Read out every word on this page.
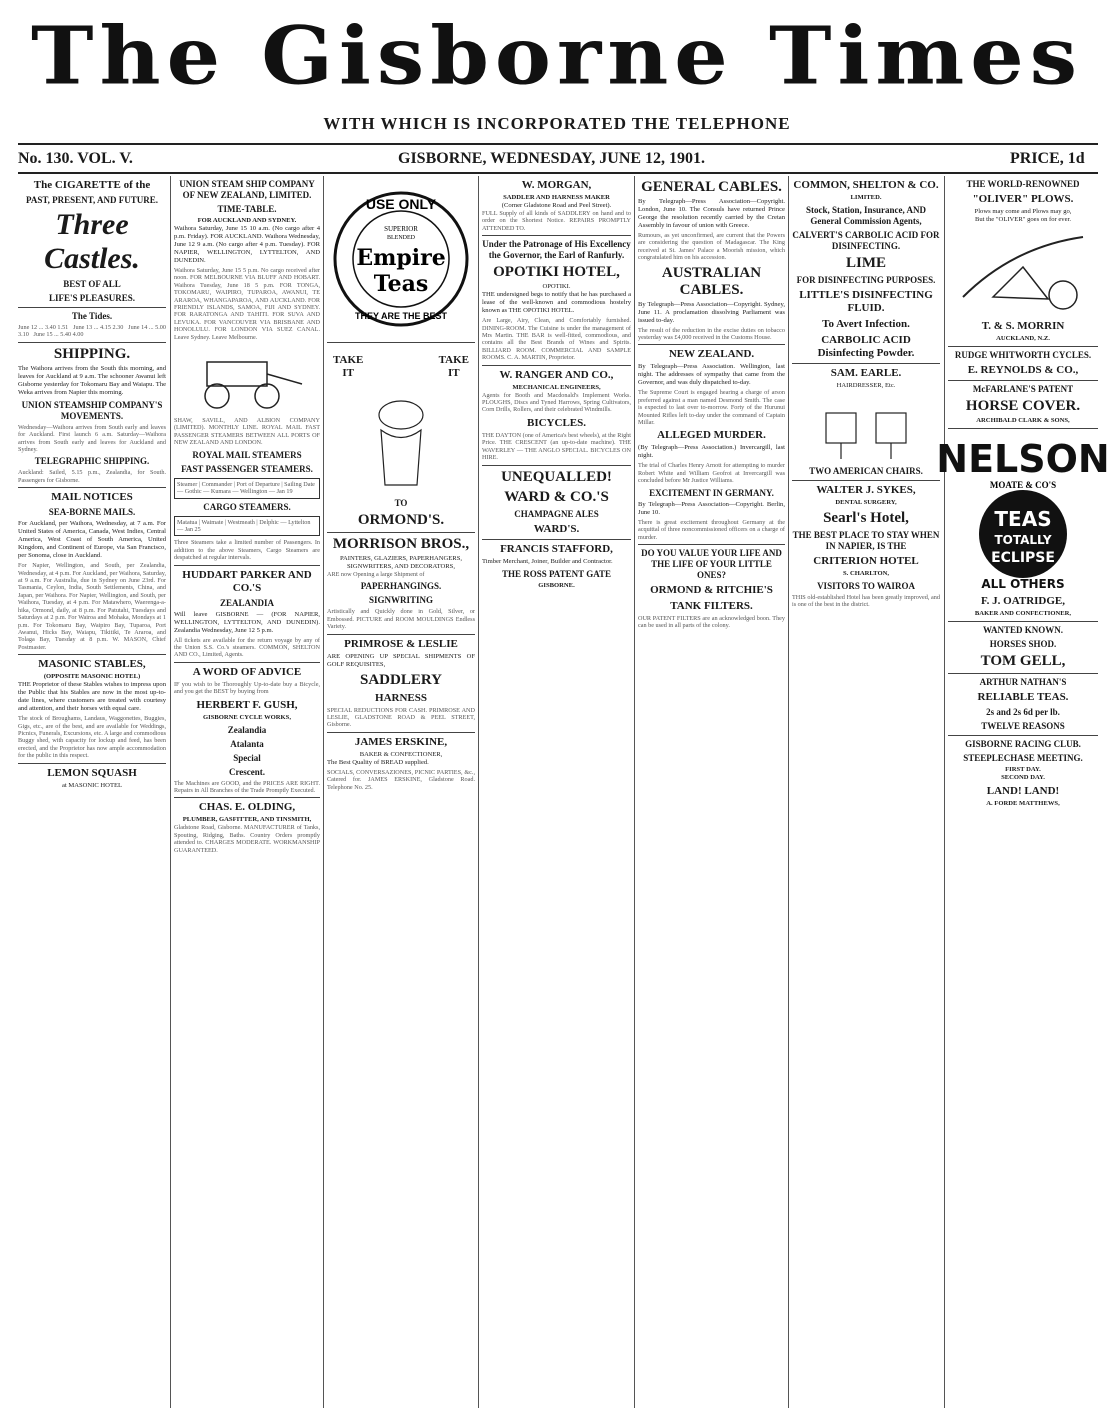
The Gisborne Times
WITH WHICH IS INCORPORATED THE TELEPHONE
No. 130. VOL. V.	GISBORNE, WEDNESDAY, JUNE 12, 1901.	PRICE, 1d
The CIGARETTE of the
PAST, PRESENT, AND FUTURE.
Three Castles.
BEST OF ALL
LIFE'S PLEASURES.
The Tides.

June 12 ... 3.40 1.51   June 13 ... 4.15 2.30   June 14 ... 5.00 3.10   June 15 ... 5.40 4.00

SHIPPING.

The Waihora arrives from the South this morning, and leaves for Auckland at 9 a.m. The schooner Awanui left Gisborne yesterday for Tokomaru Bay and Waiapu. The Weka arrives from Napier this morning.

UNION STEAMSHIP COMPANY'S MOVEMENTS.

Wednesday—Waihora arrives from South early and leaves for Auckland. First launch 6 a.m. Saturday—Waihora arrives from South early and leaves for Auckland and Sydney.

TELEGRAPHIC SHIPPING.

Auckland: Sailed, 5.15 p.m., Zealandia, for South. Passengers for Gisborne.

MAIL NOTICES
SEA-BORNE MAILS.

For Auckland, per Waihora, Wednesday, at 7 a.m. For United States of America, Canada, West Indies, Central America, West Coast of South America, United Kingdom, and Continent of Europe, via San Francisco, per Sonoma, close in Auckland.

For Napier, Wellington, and South, per Zealandia, Wednesday, at 4 p.m. For Auckland, per Waihora, Saturday, at 9 a.m. For Australia, due in Sydney on June 23rd. For Tasmania, Ceylon, India, South Settlements, China, and Japan, per Waihora. For Napier, Wellington, and South, per Waihora, Tuesday, at 4 p.m. For Matawhero, Waerenga-a-hika, Ormond, daily, at 8 p.m. For Patutahi, Tuesdays and Saturdays at 2 p.m. For Wairoa and Mohaka, Mondays at 1 p.m. For Tokomaru Bay, Waipiro Bay, Tuparoa, Port Awanui, Hicks Bay, Waiapu, Tikitiki, Te Araroa, and Tolaga Bay, Tuesday at 8 p.m. W. MASON, Chief Postmaster.

MASONIC STABLES,
(OPPOSITE MASONIC HOTEL)

THE Proprietor of these Stables wishes to impress upon the Public that his Stables are now in the most up-to-date lines, where customers are treated with courtesy and attention, and their horses with equal care.

The stock of Broughams, Landaus, Waggonettes, Buggies, Gigs, etc., are of the best, and are available for Weddings, Picnics, Funerals, Excursions, etc. A large and commodious Buggy shed, with capacity for lockup and feed, has been erected, and the Proprietor has now ample accommodation for the public in this respect.

LEMON SQUASH
at MASONIC HOTEL
UNION STEAM SHIP COMPANY OF NEW ZEALAND, LIMITED.
TIME-TABLE.
FOR AUCKLAND AND SYDNEY.

Waihora Saturday, June 15 10 a.m. (No cargo after 4 p.m. Friday). FOR AUCKLAND. Waihora Wednesday, June 12 9 a.m. (No cargo after 4 p.m. Tuesday). FOR NAPIER, WELLINGTON, LYTTELTON, AND DUNEDIN.

Waihora Saturday, June 15 5 p.m. No cargo received after noon. FOR MELBOURNE VIA BLUFF AND HOBART. Waihora Tuesday, June 18 5 p.m. FOR TONGA, TOKOMARU, WAIPIRO, TUPAROA, AWANUI, TE ARAROA, WHANGAPAROA, AND AUCKLAND. FOR FRIENDLY ISLANDS, SAMOA, FIJI AND SYDNEY. FOR RARATONGA AND TAHITI. FOR SUVA AND LEVUKA. FOR VANCOUVER VIA BRISBANE AND HONOLULU. FOR LONDON VIA SUEZ CANAL. Leave Sydney. Leave Melbourne.

SHAW, SAVILL, AND ALBION COMPANY (LIMITED). MONTHLY LINE. ROYAL MAIL FAST PASSENGER STEAMERS BETWEEN ALL PORTS OF NEW ZEALAND AND LONDON.

ROYAL MAIL STEAMERS
FAST PASSENGER STEAMERS.
Steamer | Commander | Port of Departure | Sailing Date — Gothic — Kumara — Wellington — Jan 19
CARGO STEAMERS.
Matatua | Waimate | Westmeath | Delphic — Lyttelton — Jan 25

Three Steamers take a limited number of Passengers. In addition to the above Steamers, Cargo Steamers are despatched at regular intervals.

HUDDART PARKER AND CO.'S
ZEALANDIA

Will leave GISBORNE — (FOR NAPIER, WELLINGTON, LYTTELTON, AND DUNEDIN). Zealandia Wednesday, June 12 5 p.m.

All tickets are available for the return voyage by any of the Union S.S. Co.'s steamers. COMMON, SHELTON AND CO., Limited, Agents.

A WORD OF ADVICE

IF you wish to be Thoroughly Up-to-date buy a Bicycle, and you get the BEST by buying from

HERBERT F. GUSH,
GISBORNE CYCLE WORKS,
Zealandia
Atalanta
Special
Crescent.

The Machines are GOOD, and the PRICES ARE RIGHT. Repairs in All Branches of the Trade Promptly Executed.

CHAS. E. OLDING,
PLUMBER, GASFITTER, AND TINSMITH,

Gladstone Road, Gisborne. MANUFACTURER of Tanks, Spouting, Ridging, Baths. Country Orders promptly attended to. CHARGES MODERATE. WORKMANSHIP GUARANTEED.

USE ONLY
SUPERIOR
BLENDED
Empire
Teas
THEY ARE THE BEST
TAKE
IT
TAKE
IT
TO
ORMOND'S.
MORRISON BROS.,
PAINTERS, GLAZIERS, PAPERHANGERS, SIGNWRITERS, AND DECORATORS,

ARE now Opening a large Shipment of

PAPERHANGINGS.
SIGNWRITING

Artistically and Quickly done in Gold, Silver, or Embossed. PICTURE and ROOM MOULDINGS Endless Variety.

PRIMROSE & LESLIE

ARE OPENING UP SPECIAL SHIPMENTS OF GOLF REQUISITES,

SADDLERY
HARNESS

SPECIAL REDUCTIONS FOR CASH. PRIMROSE AND LESLIE, GLADSTONE ROAD & PEEL STREET, Gisborne.

JAMES ERSKINE,
BAKER & CONFECTIONER,

The Best Quality of BREAD supplied.

SOCIALS, CONVERSAZIONES, PICNIC PARTIES, &c., Catered for. JAMES ERSKINE, Gladstone Road. Telephone No. 25.

W. MORGAN,
SADDLER AND HARNESS MAKER
(Corner Gladstone Road and Peel Street).

FULL Supply of all kinds of SADDLERY on hand and to order on the Shortest Notice. REPAIRS PROMPTLY ATTENDED TO.

Under the Patronage of His Excellency the Governor, the Earl of Ranfurly.
OPOTIKI HOTEL,
OPOTIKI.

THE undersigned begs to notify that he has purchased a lease of the well-known and commodious hostelry known as THE OPOTIKI HOTEL.

Are Large, Airy, Clean, and Comfortably furnished. DINING-ROOM. The Cuisine is under the management of Mrs Martin. THE BAR is well-fitted, commodious, and contains all the Best Brands of Wines and Spirits. BILLIARD ROOM. COMMERCIAL AND SAMPLE ROOMS. C. A. MARTIN, Proprietor.

W. RANGER AND CO.,
MECHANICAL ENGINEERS,

Agents for Booth and Macdonald's Implement Works. PLOUGHS, Discs and Tyned Harrows, Spring Cultivators, Corn Drills, Rollers, and their celebrated Windmills.

BICYCLES.

THE DAYTON (one of America's best wheels), at the Right Price. THE CRESCENT (an up-to-date machine). THE WAVERLEY — THE ANGLO SPECIAL. BICYCLES ON HIRE.

UNEQUALLED!
WARD & CO.'S
CHAMPAGNE ALES
WARD'S.
FRANCIS STAFFORD,

Timber Merchant, Joiner, Builder and Contractor.

THE ROSS PATENT GATE
GISBORNE.
GENERAL CABLES.

By Telegraph—Press Association—Copyright. London, June 10. The Consuls have returned Prince George the resolution recently carried by the Cretan Assembly in favour of union with Greece.

Rumours, as yet unconfirmed, are current that the Powers are considering the question of Madagascar. The King received at St. James' Palace a Moorish mission, which congratulated him on his accession.

AUSTRALIAN CABLES.

By Telegraph—Press Association—Copyright. Sydney, June 11. A proclamation dissolving Parliament was issued to-day.

The result of the reduction in the excise duties on tobacco yesterday was £4,000 received in the Customs House.

NEW ZEALAND.

By Telegraph—Press Association. Wellington, last night. The addresses of sympathy that came from the Governor, and was duly dispatched to-day.

The Supreme Court is engaged hearing a charge of arson preferred against a man named Desmond Smith. The case is expected to last over to-morrow. Forty of the Hurunui Mounted Rifles left to-day under the command of Captain Millar.

ALLEGED MURDER.

(By Telegraph—Press Association.) Invercargill, last night.

The trial of Charles Henry Arnott for attempting to murder Robert White and William Geofroi at Invercargill was concluded before Mr Justice Williams.

EXCITEMENT IN GERMANY.

By Telegraph—Press Association—Copyright. Berlin, June 10.

There is great excitement throughout Germany at the acquittal of three noncommissioned officers on a charge of murder.

DO YOU VALUE YOUR LIFE AND THE LIFE OF YOUR LITTLE ONES?
ORMOND & RITCHIE'S
TANK FILTERS.

OUR PATENT FILTERS are an acknowledged boon. They can be used in all parts of the colony.

COMMON, SHELTON & CO.
LIMITED.
Stock, Station, Insurance, AND General Commission Agents,
CALVERT'S CARBOLIC ACID FOR DISINFECTING.
LIME
FOR DISINFECTING PURPOSES.
LITTLE'S DISINFECTING FLUID.
To Avert Infection.
CARBOLIC ACID Disinfecting Powder.
SAM. EARLE.
HAIRDRESSER, Etc.
TWO AMERICAN CHAIRS.
WALTER J. SYKES,
DENTAL SURGERY,
Searl's Hotel,
THE BEST PLACE TO STAY WHEN IN NAPIER, IS THE
CRITERION HOTEL
S. CHARLTON,
VISITORS TO WAIROA

THIS old-established Hotel has been greatly improved, and is one of the best in the district.

THE WORLD-RENOWNED
"OLIVER" PLOWS.
Plows may come and Plows may go,
But the "OLIVER" goes on for ever.
T. & S. MORRIN
AUCKLAND, N.Z.
RUDGE WHITWORTH CYCLES.
E. REYNOLDS & CO.,
McFARLANE'S PATENT
HORSE COVER.
ARCHIBALD CLARK & SONS,
NELSON
MOATE & CO'S
TEAS
TOTALLY
ECLIPSE
ALL OTHERS
F. J. OATRIDGE,
BAKER AND CONFECTIONER,
WANTED KNOWN.
HORSES SHOD.
TOM GELL,
ARTHUR NATHAN'S
RELIABLE TEAS.
2s and 2s 6d per lb.
TWELVE REASONS
GISBORNE RACING CLUB.
STEEPLECHASE MEETING.
FIRST DAY.
SECOND DAY.
LAND! LAND!
A. FORDE MATTHEWS,
